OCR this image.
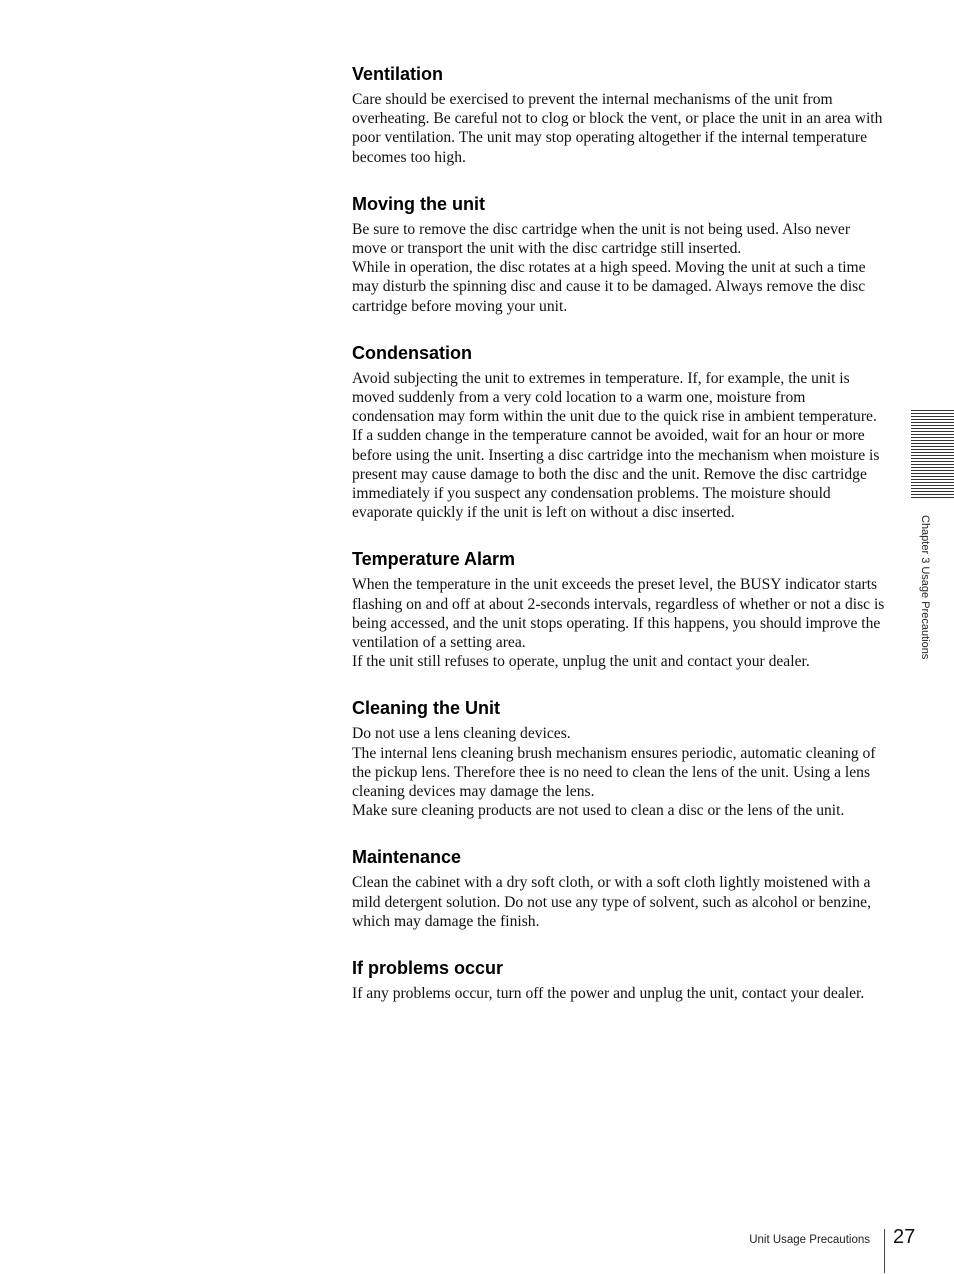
Ventilation

Care should be exercised to prevent the internal mechanisms of the unit from overheating. Be careful not to clog or block the vent, or place the unit in an area with poor ventilation. The unit may stop operating altogether if the internal temperature becomes too high.

Moving the unit

Be sure to remove the disc cartridge when the unit is not being used. Also never move or transport the unit with the disc cartridge still inserted.

While in operation, the disc rotates at a high speed. Moving the unit at such a time may disturb the spinning disc and cause it to be damaged. Always remove the disc cartridge before moving your unit.

Condensation

Avoid subjecting the unit to extremes in temperature. If, for example, the unit is moved suddenly from a very cold location to a warm one, moisture from condensation may form within the unit due to the quick rise in ambient temperature. If a sudden change in the temperature cannot be avoided, wait for an hour or more before using the unit. Inserting a disc cartridge into the mechanism when moisture is present may cause damage to both the disc and the unit. Remove the disc cartridge immediately if you suspect any condensation problems. The moisture should evaporate quickly if the unit is left on without a disc inserted.

Temperature Alarm

When the temperature in the unit exceeds the preset level, the BUSY indicator starts flashing on and off at about 2-seconds intervals, regardless of whether or not a disc is being accessed, and the unit stops operating. If this happens, you should improve the ventilation of a setting area.

If the unit still refuses to operate, unplug the unit and contact your dealer.

Cleaning the Unit

Do not use a lens cleaning devices.

The internal lens cleaning brush mechanism ensures periodic, automatic cleaning of the pickup lens. Therefore thee is no need to clean the lens of the unit. Using a lens cleaning devices may damage the lens.

Make sure cleaning products are not used to clean a disc or the lens of the unit.

Maintenance

Clean the cabinet with a dry soft cloth, or with a soft cloth lightly moistened with a mild detergent solution. Do not use any type of solvent, such as alcohol or benzine, which may damage the finish.

If problems occur

If any problems occur, turn off the power and unplug the unit, contact your dealer.

Chapter 3 Usage Precautions
Unit Usage Precautions 27
